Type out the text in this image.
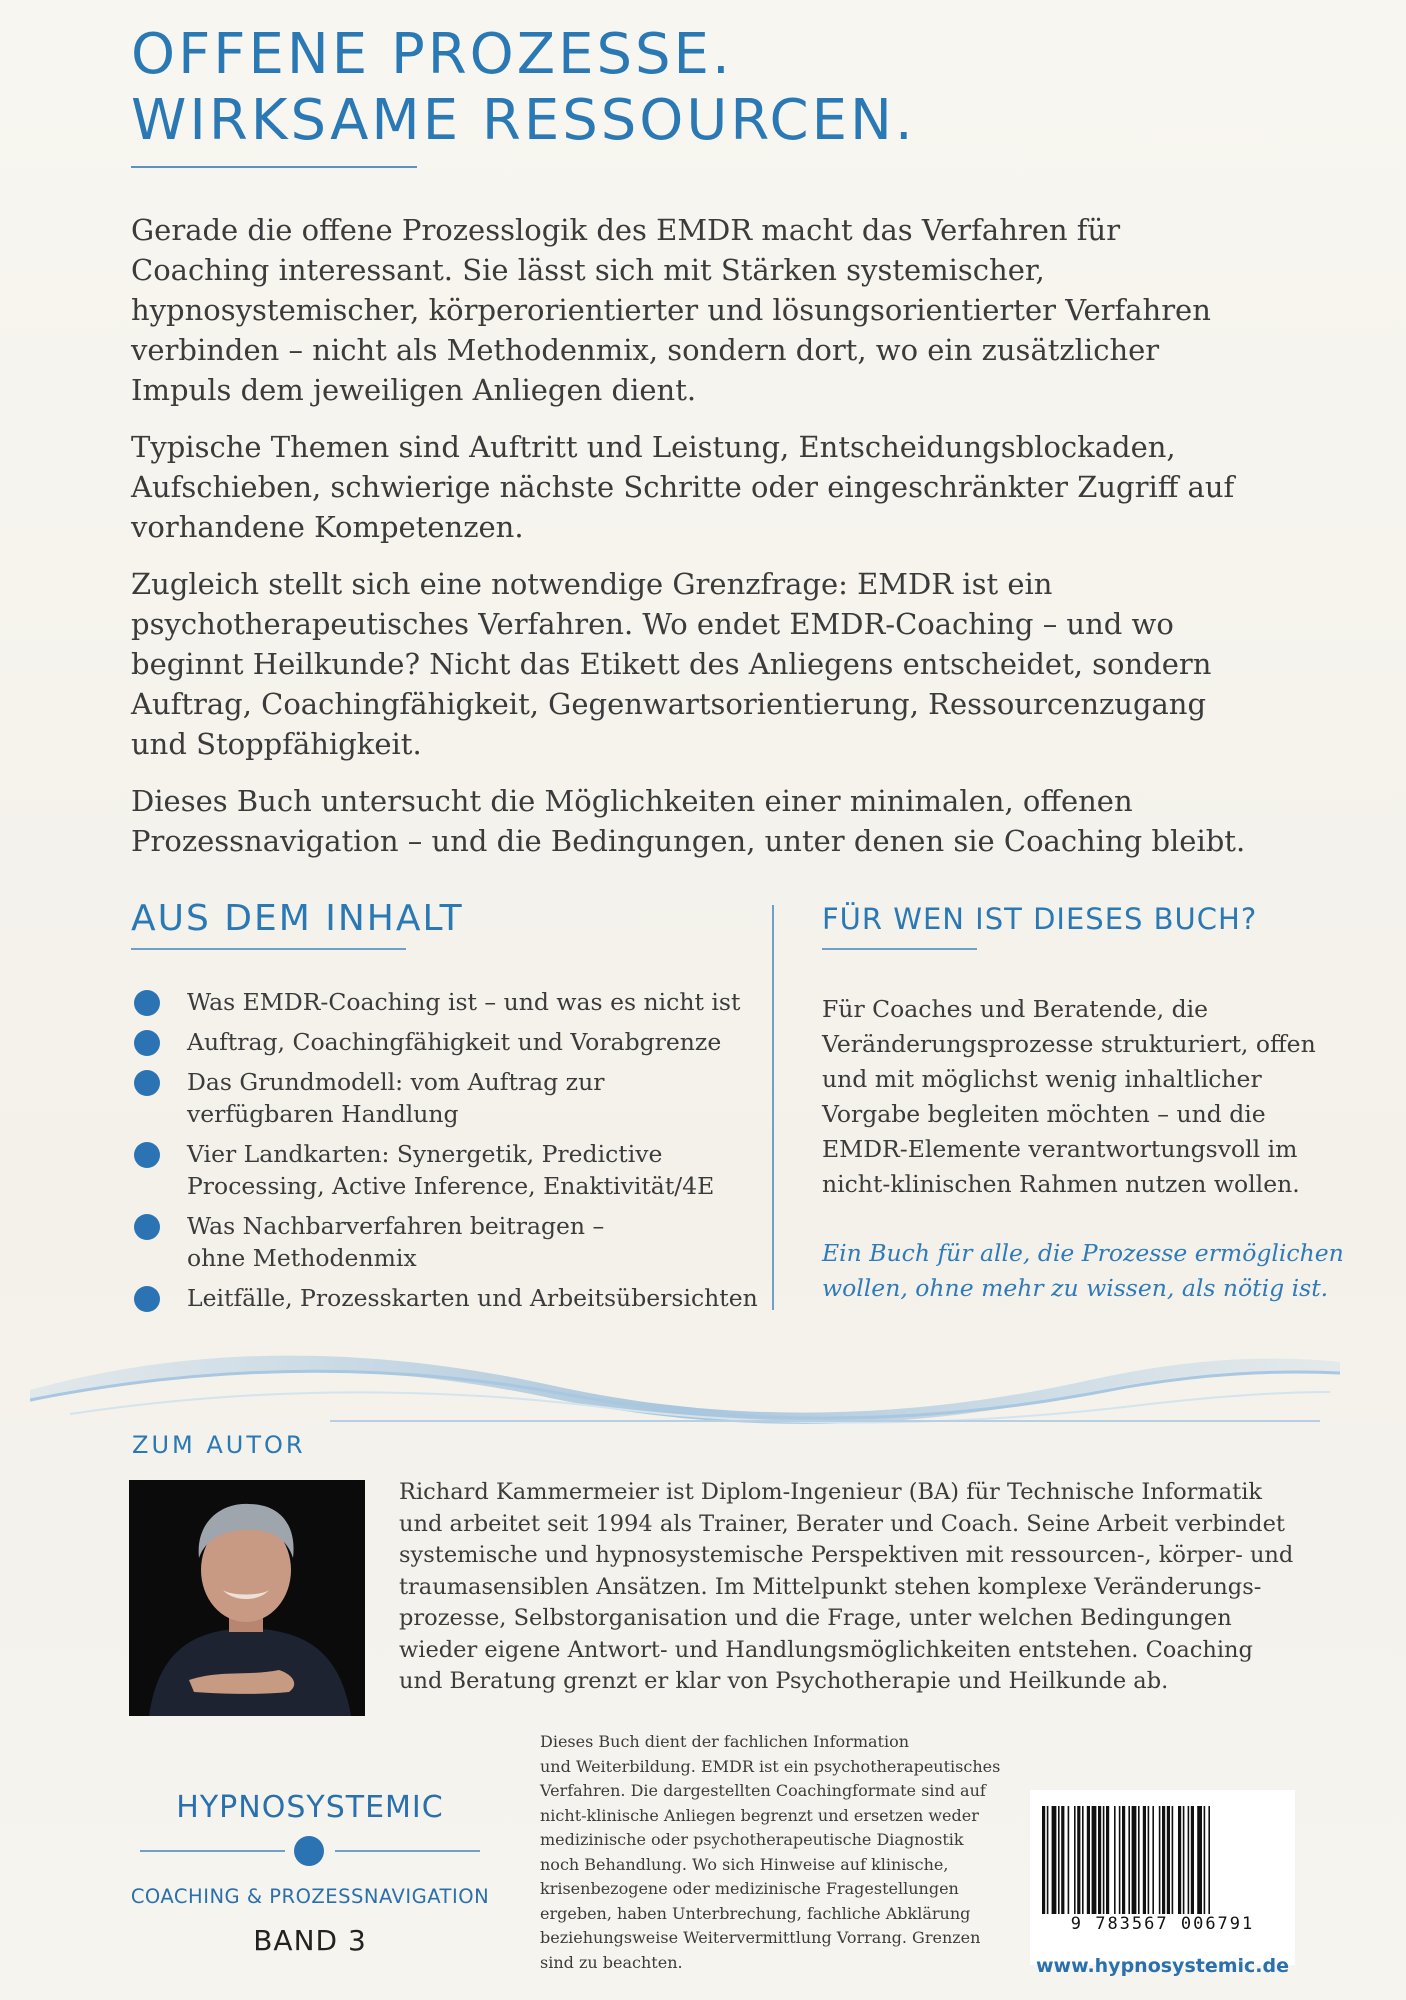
OFFENE PROZESSE.
WIRKSAME RESSOURCEN.

Gerade die offene Prozesslogik des EMDR macht das Verfahren für
Coaching interessant. Sie lässt sich mit Stärken systemischer,
hypnosystemischer, körperorientierter und lösungsorientierter Verfahren
verbinden – nicht als Methodenmix, sondern dort, wo ein zusätzlicher
Impuls dem jeweiligen Anliegen dient.

Typische Themen sind Auftritt und Leistung, Entscheidungsblockaden,
Aufschieben, schwierige nächste Schritte oder eingeschränkter Zugriff auf
vorhandene Kompetenzen.

Zugleich stellt sich eine notwendige Grenzfrage: EMDR ist ein
psychotherapeutisches Verfahren. Wo endet EMDR-Coaching – und wo
beginnt Heilkunde? Nicht das Etikett des Anliegens entscheidet, sondern
Auftrag, Coachingfähigkeit, Gegenwartsorientierung, Ressourcenzugang
und Stoppfähigkeit.

Dieses Buch untersucht die Möglichkeiten einer minimalen, offenen
Prozessnavigation – und die Bedingungen, unter denen sie Coaching bleibt.

AUS DEM INHALT
Was EMDR-Coaching ist – und was es nicht ist
Auftrag, Coachingfähigkeit und Vorabgrenze
Das Grundmodell: vom Auftrag zur
verfügbaren Handlung
Vier Landkarten: Synergetik, Predictive
Processing, Active Inference, Enaktivität/4E
Was Nachbarverfahren beitragen –
ohne Methodenmix
Leitfälle, Prozesskarten und Arbeitsübersichten
FÜR WEN IST DIESES BUCH?

Für Coaches und Beratende, die
Veränderungsprozesse strukturiert, offen
und mit möglichst wenig inhaltlicher
Vorgabe begleiten möchten – und die
EMDR-Elemente verantwortungsvoll im
nicht-klinischen Rahmen nutzen wollen.

Ein Buch für alle, die Prozesse ermöglichen
wollen, ohne mehr zu wissen, als nötig ist.

ZUM AUTOR

Richard Kammermeier ist Diplom-Ingenieur (BA) für Technische Informatik
und arbeitet seit 1994 als Trainer, Berater und Coach. Seine Arbeit verbindet
systemische und hypnosystemische Perspektiven mit ressourcen-, körper- und
traumasensiblen Ansätzen. Im Mittelpunkt stehen komplexe Veränderungs-
prozesse, Selbstorganisation und die Frage, unter welchen Bedingungen
wieder eigene Antwort- und Handlungsmöglichkeiten entstehen. Coaching
und Beratung grenzt er klar von Psychotherapie und Heilkunde ab.

HYPNOSYSTEMIC

COACHING & PROZESSNAVIGATION

BAND 3

Dieses Buch dient der fachlichen Information
und Weiterbildung. EMDR ist ein psychotherapeutisches
Verfahren. Die dargestellten Coachingformate sind auf
nicht-klinische Anliegen begrenzt und ersetzen weder
medizinische oder psychotherapeutische Diagnostik
noch Behandlung. Wo sich Hinweise auf klinische,
krisenbezogene oder medizinische Fragestellungen
ergeben, haben Unterbrechung, fachliche Abklärung
beziehungsweise Weitervermittlung Vorrang. Grenzen
sind zu beachten.

9 783567 006791

www.hypnosystemic.de
